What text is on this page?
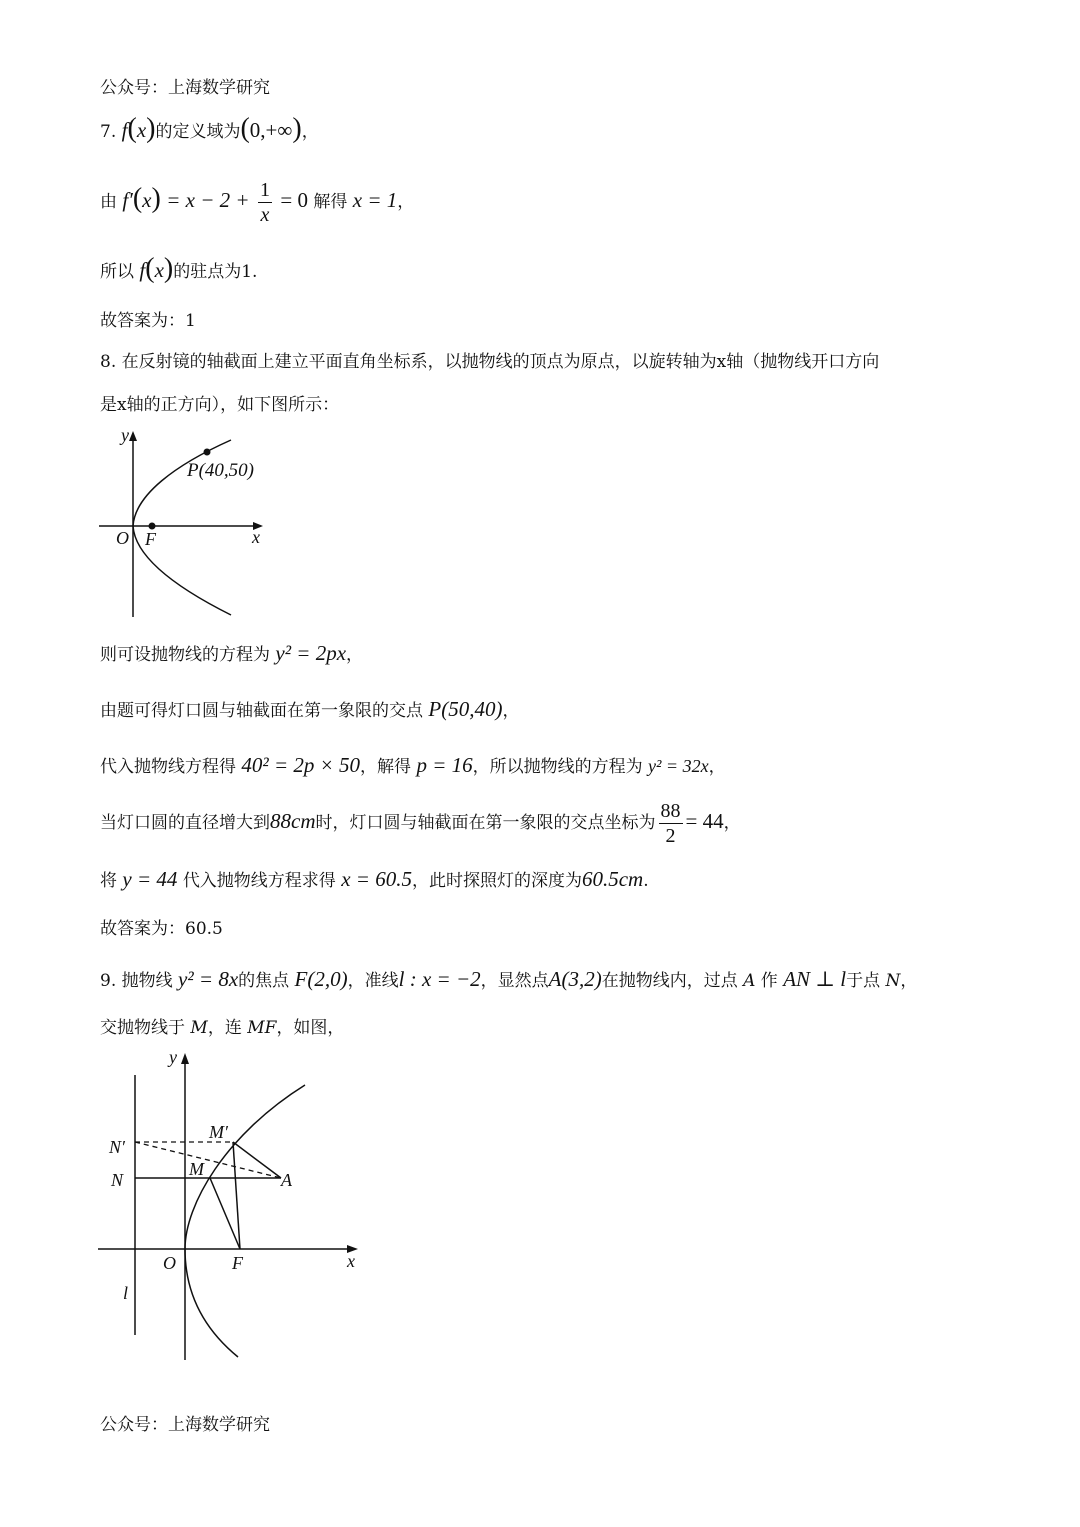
公众号：上海数学研究
7. f(x)的定义域为(0,+∞)，
由 $f'(x) = x - 2 + \frac{1}{x} = 0$ 解得 x = 1，
所以 f(x)的驻点为1.
故答案为：1
8. 在反射镜的轴截面上建立平面直角坐标系，以抛物线的顶点为原点，以旋转轴为x轴（抛物线开口方向
是x轴的正方向），如下图所示：
y
P(40,50)
O F	x
则可设抛物线的方程为 y² = 2px，
由题可得灯口圆与轴截面在第一象限的交点 P(50,40)，
代入抛物线方程得 40² = 2p × 50，解得 p = 16，所以抛物线的方程为 y² = 32x，
当灯口圆的直径增大到88cm时，灯口圆与轴截面在第一象限的交点坐标为 $\frac{88}{2} = 44$，
将 y = 44 代入抛物线方程求得 x = 60.5，此时探照灯的深度为60.5cm.
故答案为：60.5
9. 抛物线 y² = 8x的焦点 F(2,0)，准线l : x = −2，显然点A(3,2)在抛物线内，过点 A 作 AN ⊥ l于点 N，
交抛物线于 M，连 MF，如图，
y
x
O	F
l
N′
N
M′
M
A
公众号：上海数学研究
